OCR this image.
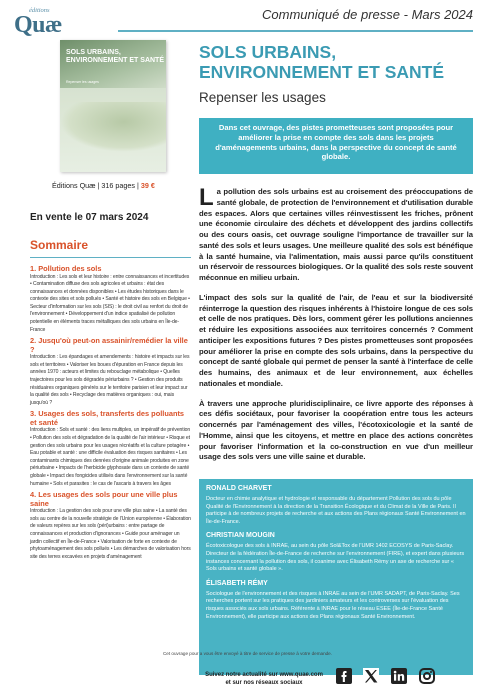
éditions
Quæ	Communiqué de presse - Mars 2024
SOLS URBAINS, ENVIRONNEMENT ET SANTÉ
Repenser les usages
Éditions Quæ | 316 pages | 39 €
SOLS URBAINS,
ENVIRONNEMENT ET SANTÉ
Repenser les usages

Dans cet ouvrage, des pistes prometteuses sont proposées pour améliorer la prise en compte des sols dans les projets d'aménagements urbains, dans la perspective du concept de santé globale.

En vente le 07 mars 2024
Sommaire
1. Pollution des sols
Introduction : Les sols et leur histoire : entre connaissances et incertitudes • Contamination diffuse des sols agricoles et urbains : état des connaissances et données disponibles • Les études historiques dans le contexte des sites et sols pollués • Santé et histoire des sols en Belgique • Secteur d'information sur les sols (SIS) : le droit civil au renfort du droit de l'environnement • Développement d'un indice spatialisé de pollution potentielle en éléments traces métalliques des sols urbains en Île-de-France
2. Jusqu'où peut-on assainir/remédier la ville ?
Introduction : Les épandages et amendements : histoire et impacts sur les sols et territoires • Valoriser les boues d'épuration en France depuis les années 1970 : acteurs et limites du rebouclage métabolique • Quelles trajectoires pour les sols dégradés périurbains ? • Gestion des produits résiduaires organiques générés sur le territoire parisien et leur impact sur la qualité des sols • Recyclage des matières organiques : oui, mais jusqu'où ?
3. Usages des sols, transferts des polluants et santé
Introduction : Sols et santé : des liens multiples, un impératif de prévention • Pollution des sols et dégradation de la qualité de l'air intérieur • Risque et gestion des sols urbains pour les usages récréatifs et la culture potagère • Eau potable et santé : une difficile évaluation des risques sanitaires • Les contaminants chimiques des denrées d'origine animale produites en zone périurbaine • Impacts de l'herbicide glyphosate dans un contexte de santé globale • Impact des fongicides utilisés dans l'environnement sur la santé humaine • Sols et parasites : le cas de l'ascaris à travers les âges
4. Les usages des sols pour une ville plus saine
Introduction : La gestion des sols pour une ville plus saine • La santé des sols au centre de la nouvelle stratégie de l'Union européenne • Élaboration de valeurs repères sur les sols (péri)urbains : entre partage de connaissances et production d'ignorances • Guide pour aménager un jardin collectif en Île-de-France • Valorisation de forte en contexte de phytoaménagement des sols pollués • Les démarches de valorisation hors site des terres excavées en projets d'aménagement

La pollution des sols urbains est au croisement des préoccupations de santé globale, de protection de l'environnement et d'utilisation durable des espaces. Alors que certaines villes réinvestissent les friches, prônent une économie circulaire des déchets et développent des jardins collectifs ou des cours oasis, cet ouvrage souligne l'importance de travailler sur la santé des sols et leurs usages. Une meilleure qualité des sols est bénéfique à la santé humaine, via l'alimentation, mais aussi parce qu'ils constituent un réservoir de ressources biologiques. Or la qualité des sols reste souvent méconnue en milieu urbain.

L'impact des sols sur la qualité de l'air, de l'eau et sur la biodiversité réinterroge la question des risques inhérents à l'histoire longue de ces sols et celle de nos pratiques. Dès lors, comment gérer les pollutions anciennes et réduire les expositions associées aux territoires concernés ? Comment anticiper les expositions futures ? Des pistes prometteuses sont proposées pour améliorer la prise en compte des sols urbains, dans la perspective du concept de santé globale qui permet de penser la santé à l'interface de celle des humains, des animaux et de leur environnement, aux échelles nationales et mondiale.

À travers une approche pluridisciplinaire, ce livre apporte des réponses à ces défis sociétaux, pour favoriser la coopération entre tous les acteurs concernés par l'aménagement des villes, l'écotoxicologie et la santé de l'Homme, ainsi que les citoyens, et mettre en place des actions concrètes pour favoriser l'information et la co-construction en vue d'un meilleur usage des sols vers une ville saine et durable.

RONALD CHARVET
Docteur en chimie analytique et hydrologie et responsable du département Pollution des sols du pôle Qualité de l'Environnement à la direction de la Transition Écologique et du Climat de la Ville de Paris. Il participe à de nombreux projets de recherche et aux actions des Plans régionaux Santé Environnement en Île-de-France.
CHRISTIAN MOUGIN
Écotoxicologue des sols à INRAE, au sein du pôle Sol&Tox de l'UMR 1402 ECOSYS de Paris-Saclay. Directeur de la fédération Île-de-France de recherche sur l'environnement (FIRE), et expert dans plusieurs instances concernant la pollution des sols, il coanime avec Élisabeth Rémy un axe de recherche sur « Sols urbains et santé globale ».
ÉLISABETH RÉMY
Sociologue de l'environnement et des risques à INRAE au sein de l'UMR SADAPT, de Paris-Saclay. Ses recherches portent sur les pratiques des jardiniers amateurs et les controverses sur l'évaluation des risques associés aux sols urbains. Référente à INRAE pour le réseau ESEE (Île-de-France Santé Environnement), elle participe aux actions des Plans régionaux Santé Environnement.
Cet ouvrage pour a vous être envoyé à titre de service de presse à votre demande.
Suivez notre actualité sur www.quae.com
et sur nos réseaux sociaux
